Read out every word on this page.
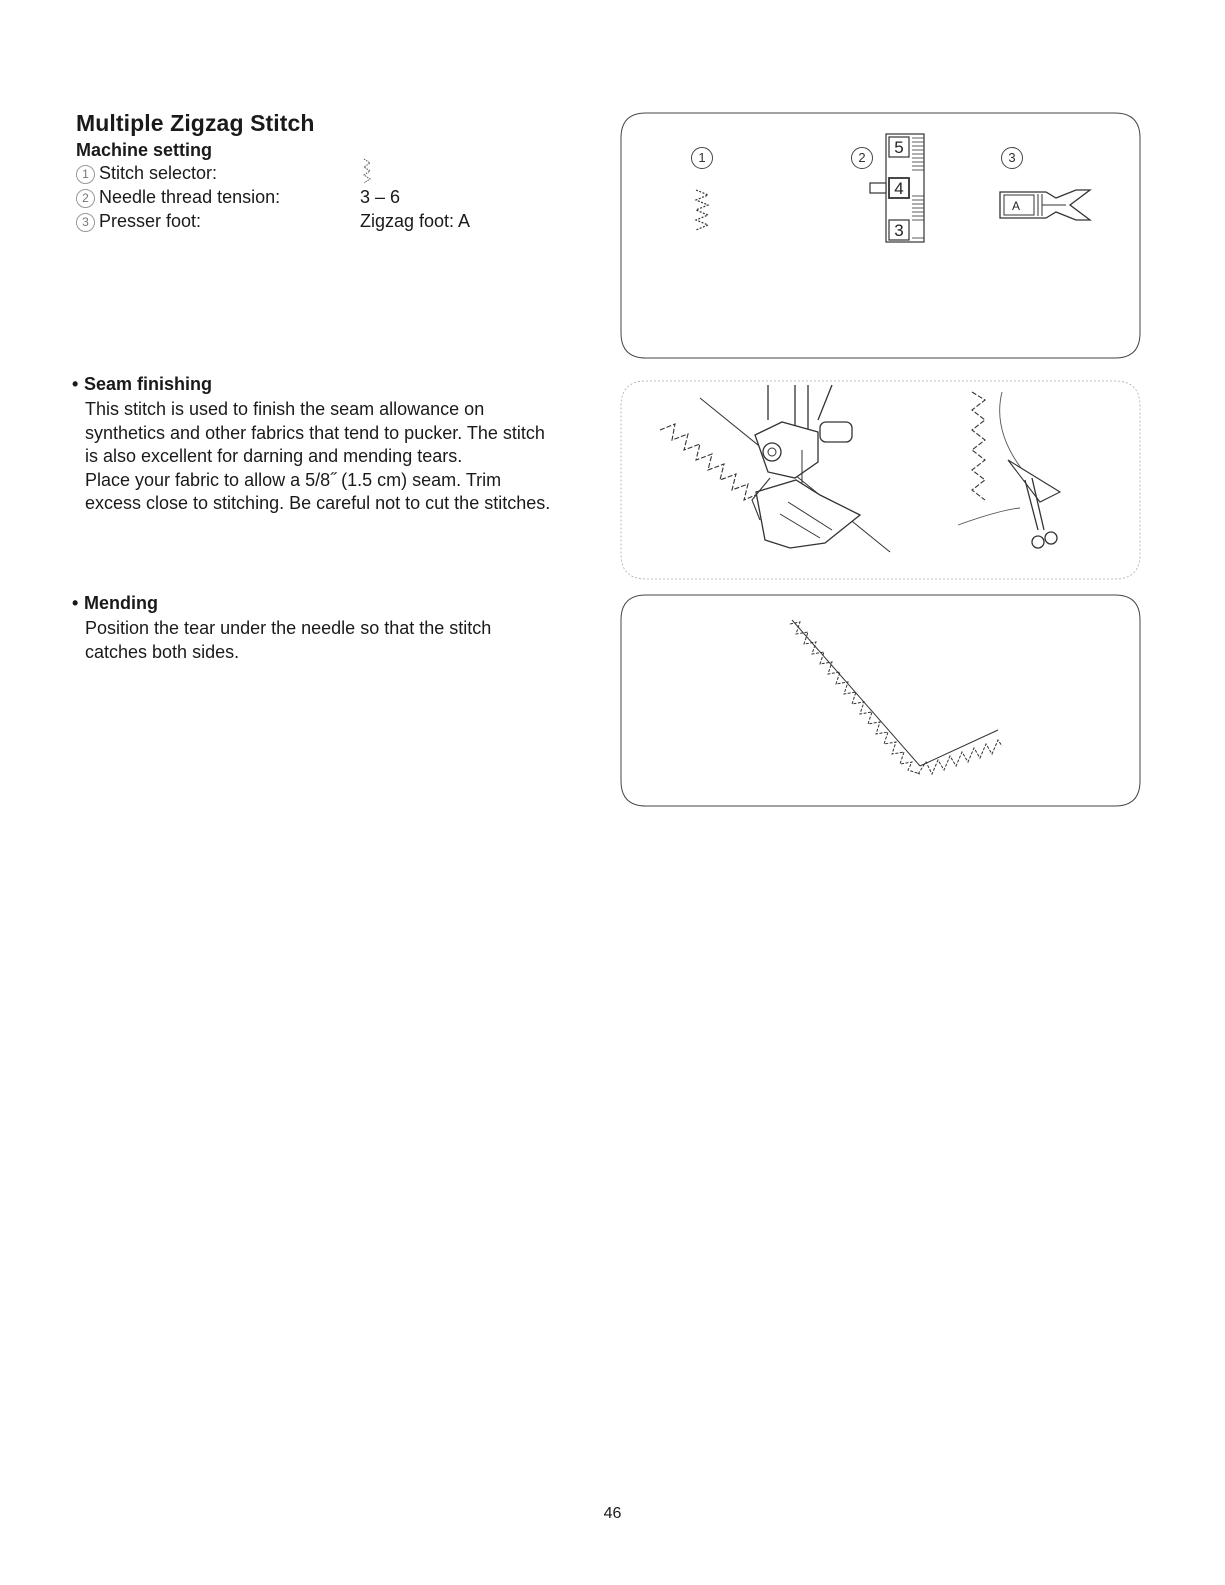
Multiple Zigzag Stitch
Machine setting
1 Stitch selector:
2 Needle thread tension:	3 – 6
3 Presser foot:	Zigzag foot: A
• Seam finishing

This stitch is used to finish the seam allowance on

synthetics and other fabrics that tend to pucker. The stitch

is also excellent for darning and mending tears.

Place your fabric to allow a 5/8˝ (1.5 cm) seam. Trim

excess close to stitching. Be careful not to cut the stitches.

• Mending

Position the tear under the needle so that the stitch

catches both sides.

1	2	3
5
4
3
A
46
